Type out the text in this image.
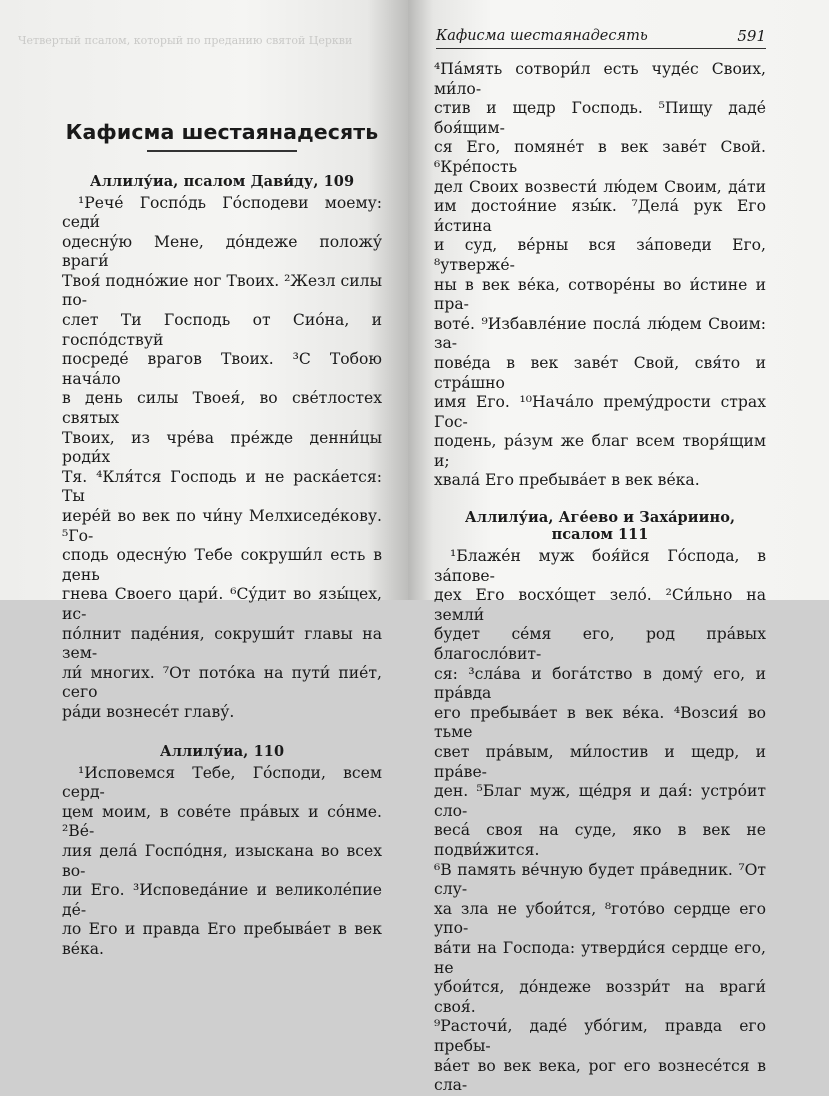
Четвертый псалом, который по преданию святой Церкви
Кафисма шестаянадесять
Аллилу́иа, псалом Дави́ду, 109
¹Рече́ Госпо́дь Го́сподеви моему: седи́
одесну́ю Мене, до́ндеже положу́ враги́
Твоя́ подно́жие ног Твоих. ²Жезл силы по-
слет Ти Господь от Сио́на, и госпо́дствуй
посреде́ врагов Твоих. ³С Тобою нача́ло
в день силы Твоея́, во све́тлостех святых
Твоих, из чре́ва пре́жде денни́цы роди́х
Тя. ⁴Кля́тся Господь и не раска́ется: Ты
иере́й во век по чи́ну Мелхиседе́кову. ⁵Го-
сподь одесну́ю Тебе сокруши́л есть в день
гнева Своего цари́. ⁶Су́дит во язы́цех, ис-
по́лнит паде́ния, сокруши́т главы на зем-
ли́ многих. ⁷От пото́ка на пути́ пие́т, сего
ра́ди вознесе́т главу́.
Аллилу́иа, 110
¹Исповемся Тебе, Го́споди, всем серд-
цем моим, в сове́те пра́вых и со́нме. ²Ве́-
лия дела́ Госпо́дня, изыскана во всех во-
ли Его. ³Исповеда́ние и великоле́пие де́-
ло Его и правда Его пребыва́ет в век ве́ка.
Кафисма шестаянадесять	591
⁴Па́мять сотвори́л есть чуде́с Своих, ми́ло-
стив и щедр Господь. ⁵Пищу даде́ боя́щим-
ся Его, помяне́т в век заве́т Свой. ⁶Кре́пость
дел Своих возвести́ лю́дем Своим, да́ти
им достоя́ние язы́к. ⁷Дела́ рук Его и́стина
и суд, ве́рны вся за́поведи Его, ⁸утверже́-
ны в век ве́ка, сотворе́ны во и́стине и пра-
воте́. ⁹Избавле́ние посла́ лю́дем Своим: за-
пове́да в век заве́т Свой, свя́то и стра́шно
имя Его. ¹⁰Нача́ло прему́дрости страх Гос-
подень, ра́зум же благ всем творя́щим и;
хвала́ Его пребыва́ет в век ве́ка.
Аллилу́иа, Аге́ево и Заха́риино,
псалом 111
¹Блаже́н муж боя́йся Го́спода, в за́пове-
дех Его восхо́щет зело́. ²Си́льно на земли́
будет се́мя его, род пра́вых благосло́вит-
ся: ³сла́ва и бога́тство в дому́ его, и пра́вда
его пребыва́ет в век ве́ка. ⁴Возсия́ во тьме
свет пра́вым, ми́лостив и щедр, и пра́ве-
ден. ⁵Благ муж, ще́дря и дая́: устро́ит сло-
веса́ своя на суде, яко в век не подви́жится.
⁶В память ве́чную будет пра́ведник. ⁷От слу-
ха зла не убои́тся, ⁸гото́во сердце его упо-
ва́ти на Господа: утверди́ся сердце его, не
убои́тся, до́ндеже воззри́т на враги́ своя́.
⁹Расточи́, даде́ убо́гим, правда его пребы-
ва́ет во век века, рог его вознесе́тся в сла-
